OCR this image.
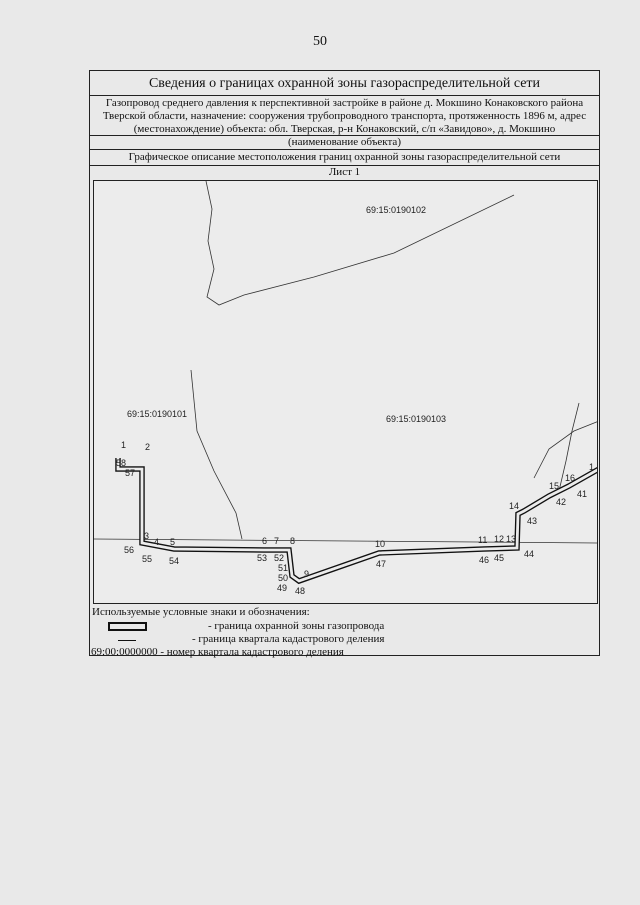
50
Сведения о границах охранной зоны газораспределительной сети
Газопровод среднего давления к перспективной застройке в районе д. Мокшино Конаковского района Тверской области, назначение: сооружения трубопроводного транспорта, протяженность 1896 м, адрес (местонахождение) объекта: обл. Тверская, р-н Конаковский, с/п «Завидово», д. Мокшино
(наименование объекта)
Графическое описание местоположения границ охранной зоны газораспределительной сети
Лист 1
69:15:0190102
69:15:0190103
69:15:0190101
1 2
58
57
3
4 5
56
55 54
6 7 8
53 52
51
50
49
9
48
10
47
11 12 13
46 45 44
14
43
15
42
16
41
1
Используемые условные знаки и обозначения:
- граница охранной зоны газопровода
- граница квартала кадастрового деления
69:00:0000000 - номер квартала кадастрового деления
